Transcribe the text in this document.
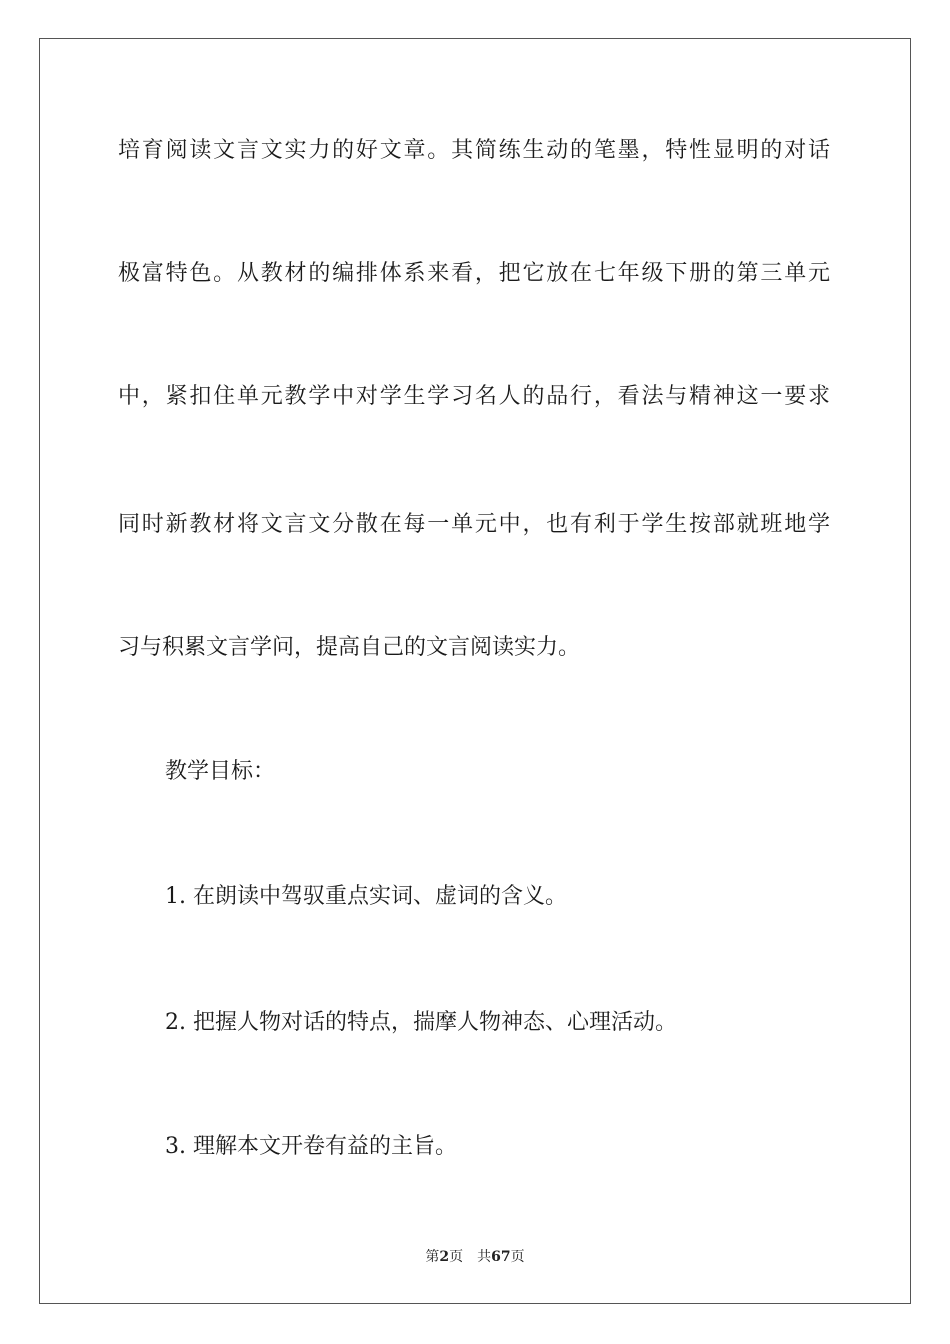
培育阅读文言文实力的好文章。其简练生动的笔墨，特性显明的对话
极富特色。从教材的编排体系来看，把它放在七年级下册的第三单元
中，紧扣住单元教学中对学生学习名人的品行，看法与精神这一要求
同时新教材将文言文分散在每一单元中，也有利于学生按部就班地学
习与积累文言学问，提高自己的文言阅读实力。
教学目标：
1. 在朗读中驾驭重点实词、虚词的含义。
2. 把握人物对话的特点，揣摩人物神态、心理活动。
3. 理解本文开卷有益的主旨。
第2页 共67页
